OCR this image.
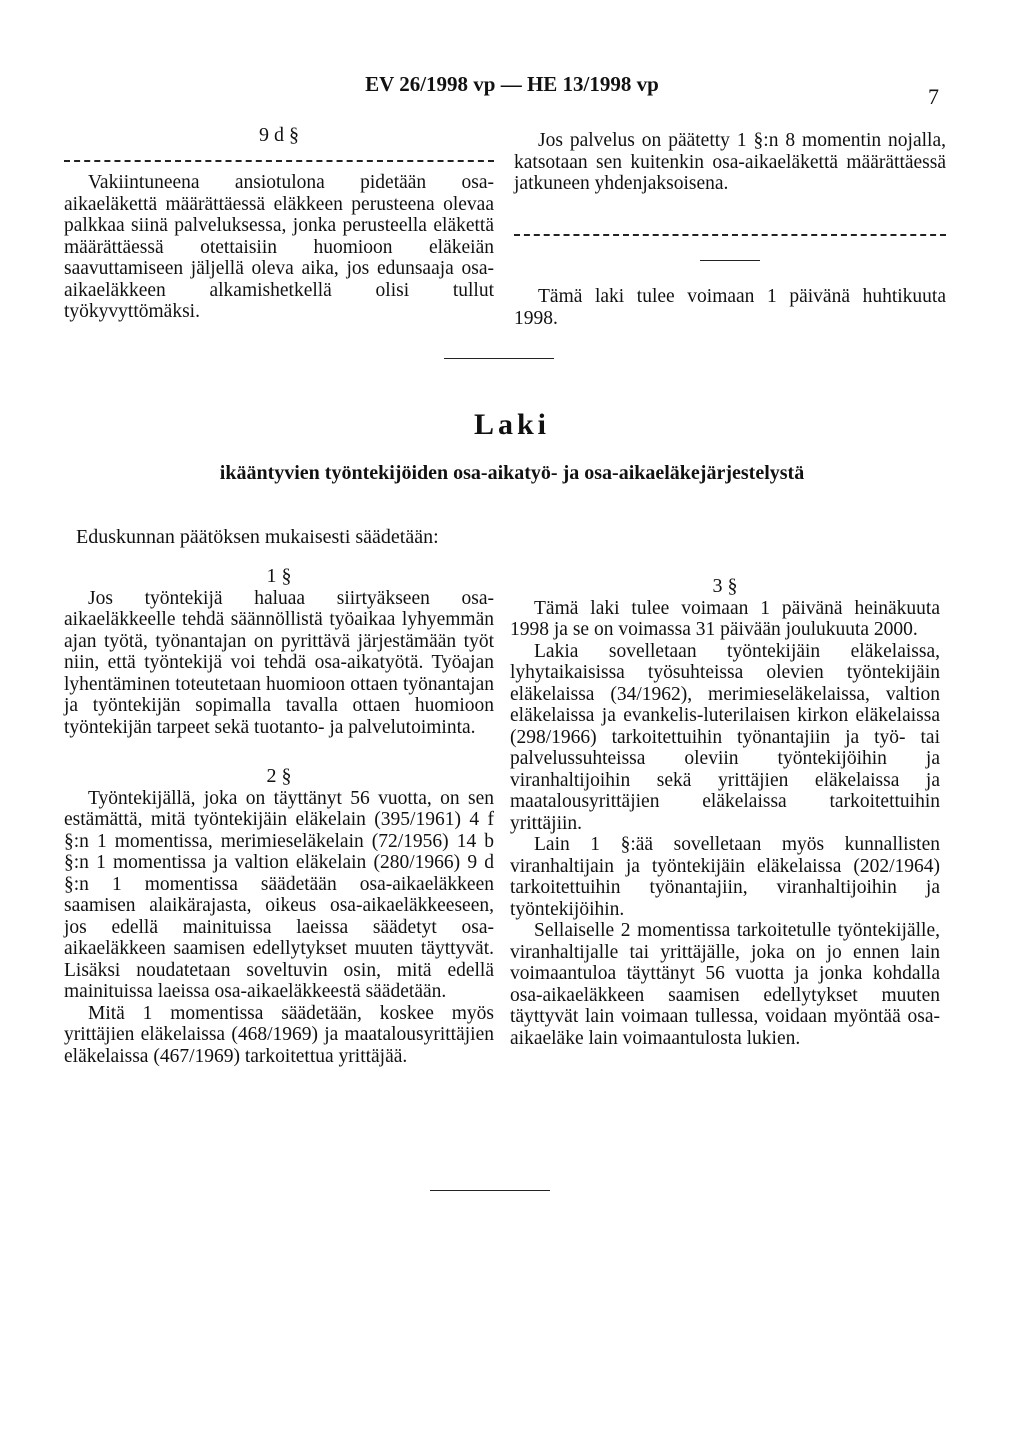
EV 26/1998 vp — HE 13/1998 vp	7
9 d §

Vakiintuneena ansiotulona pidetään osa-aikaeläkettä määrättäessä eläkkeen perusteena olevaa palkkaa siinä palveluksessa, jonka perusteella eläkettä määrättäessä otettaisiin huomioon eläkeiän saavuttamiseen jäljellä oleva aika, jos edunsaaja osa-aikaeläkkeen alkamishetkellä olisi tullut työkyvyttömäksi.

Jos palvelus on päätetty 1 §:n 8 momentin nojalla, katsotaan sen kuitenkin osa-aikaeläkettä määrättäessä jatkuneen yhdenjaksoisena.

Tämä laki tulee voimaan 1 päivänä huhtikuuta 1998.

Laki
ikääntyvien työntekijöiden osa-aikatyö- ja osa-aikaeläkejärjestelystä
Eduskunnan päätöksen mukaisesti säädetään:
1 §

Jos työntekijä haluaa siirtyäkseen osa-aikaeläkkeelle tehdä säännöllistä työaikaa lyhyemmän ajan työtä, työnantajan on pyrittävä järjestämään työt niin, että työntekijä voi tehdä osa-aikatyötä. Työajan lyhentäminen toteutetaan huomioon ottaen työnantajan ja työntekijän sopimalla tavalla ottaen huomioon työntekijän tarpeet sekä tuotanto- ja palvelutoiminta.

2 §

Työntekijällä, joka on täyttänyt 56 vuotta, on sen estämättä, mitä työntekijäin eläkelain (395/1961) 4 f §:n 1 momentissa, merimieseläkelain (72/1956) 14 b §:n 1 momentissa ja valtion eläkelain (280/1966) 9 d §:n 1 momentissa säädetään osa-aikaeläkkeen saamisen alaikärajasta, oikeus osa-aikaeläkkeeseen, jos edellä mainituissa laeissa säädetyt osa-aikaeläkkeen saamisen edellytykset muuten täyttyvät. Lisäksi noudatetaan soveltuvin osin, mitä edellä mainituissa laeissa osa-aikaeläkkeestä säädetään.

Mitä 1 momentissa säädetään, koskee myös yrittäjien eläkelaissa (468/1969) ja maatalousyrittäjien eläkelaissa (467/1969) tarkoitettua yrittäjää.

3 §

Tämä laki tulee voimaan 1 päivänä heinäkuuta 1998 ja se on voimassa 31 päivään joulukuuta 2000.

Lakia sovelletaan työntekijäin eläkelaissa, lyhytaikaisissa työsuhteissa olevien työntekijäin eläkelaissa (34/1962), merimieseläkelaissa, valtion eläkelaissa ja evankelis-luterilaisen kirkon eläkelaissa (298/1966) tarkoitettuihin työnantajiin ja työ- tai palvelussuhteissa oleviin työntekijöihin ja viranhaltijoihin sekä yrittäjien eläkelaissa ja maatalousyrittäjien eläkelaissa tarkoitettuihin yrittäjiin.

Lain 1 §:ää sovelletaan myös kunnallisten viranhaltijain ja työntekijäin eläkelaissa (202/1964) tarkoitettuihin työnantajiin, viranhaltijoihin ja työntekijöihin.

Sellaiselle 2 momentissa tarkoitetulle työntekijälle, viranhaltijalle tai yrittäjälle, joka on jo ennen lain voimaantuloa täyttänyt 56 vuotta ja jonka kohdalla osa-aikaeläkkeen saamisen edellytykset muuten täyttyvät lain voimaan tullessa, voidaan myöntää osa-aikaeläke lain voimaantulosta lukien.
